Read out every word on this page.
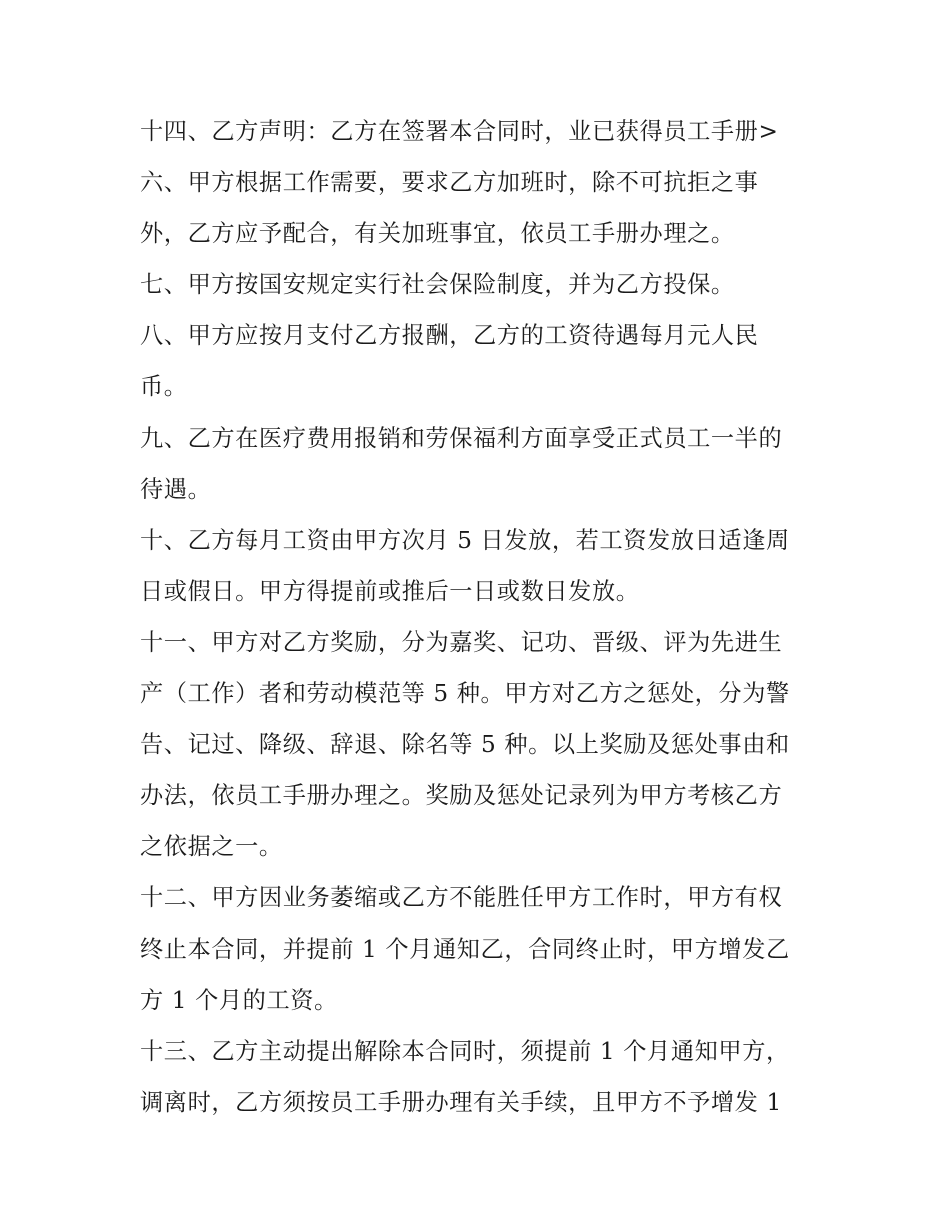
十四、乙方声明：乙方在签署本合同时，业已获得员工手册>
六、甲方根据工作需要，要求乙方加班时，除不可抗拒之事
外，乙方应予配合，有关加班事宜，依员工手册办理之。
七、甲方按国安规定实行社会保险制度，并为乙方投保。
八、甲方应按月支付乙方报酬，乙方的工资待遇每月元人民
币。
九、乙方在医疗费用报销和劳保福利方面享受正式员工一半的
待遇。
十、乙方每月工资由甲方次月 5 日发放，若工资发放日适逢周
日或假日。甲方得提前或推后一日或数日发放。
十一、甲方对乙方奖励，分为嘉奖、记功、晋级、评为先进生
产（工作）者和劳动模范等 5 种。甲方对乙方之惩处，分为警
告、记过、降级、辞退、除名等 5 种。以上奖励及惩处事由和
办法，依员工手册办理之。奖励及惩处记录列为甲方考核乙方
之依据之一。
十二、甲方因业务萎缩或乙方不能胜任甲方工作时，甲方有权
终止本合同，并提前 1 个月通知乙，合同终止时，甲方增发乙
方 1 个月的工资。
十三、乙方主动提出解除本合同时，须提前 1 个月通知甲方，
调离时，乙方须按员工手册办理有关手续，且甲方不予增发 1
